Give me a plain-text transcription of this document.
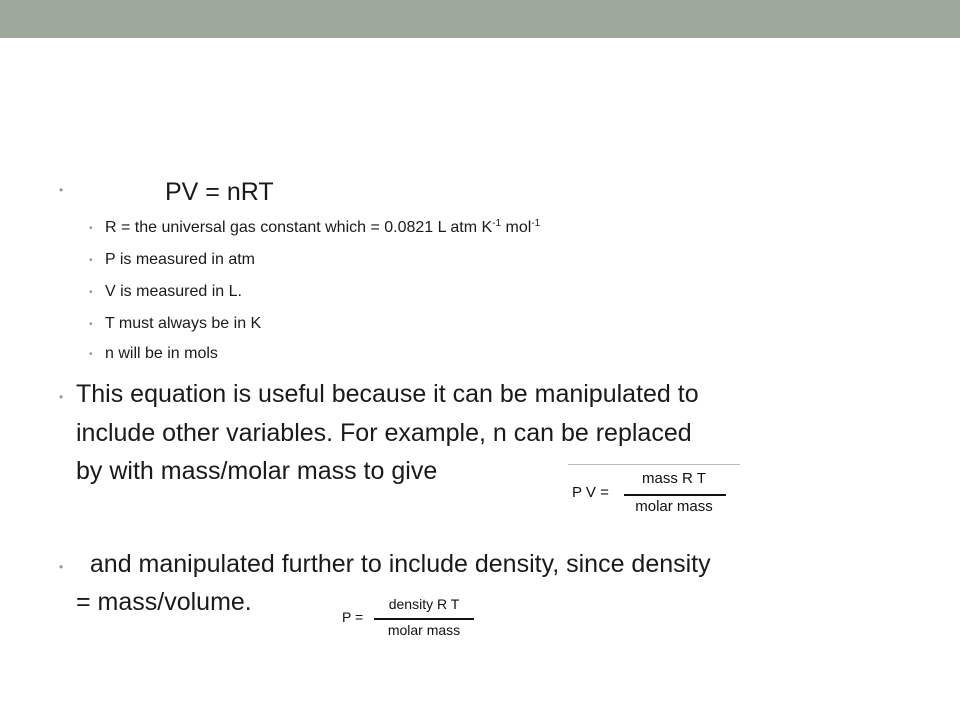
•	PV = nRT
• R = the universal gas constant which = 0.0821 L atm $K^{-1}$ mol$^{-1}$
• P is measured in atm
• V is measured in L.
• T must always be in K
• n will be in mols
• This equation is useful because it can be manipulated to
include other variables. For example, n can be replaced
by with mass/molar mass to give
P V =
mass R T
molar mass
• and manipulated further to include density, since density
= mass/volume.
P =
density R T
molar mass
